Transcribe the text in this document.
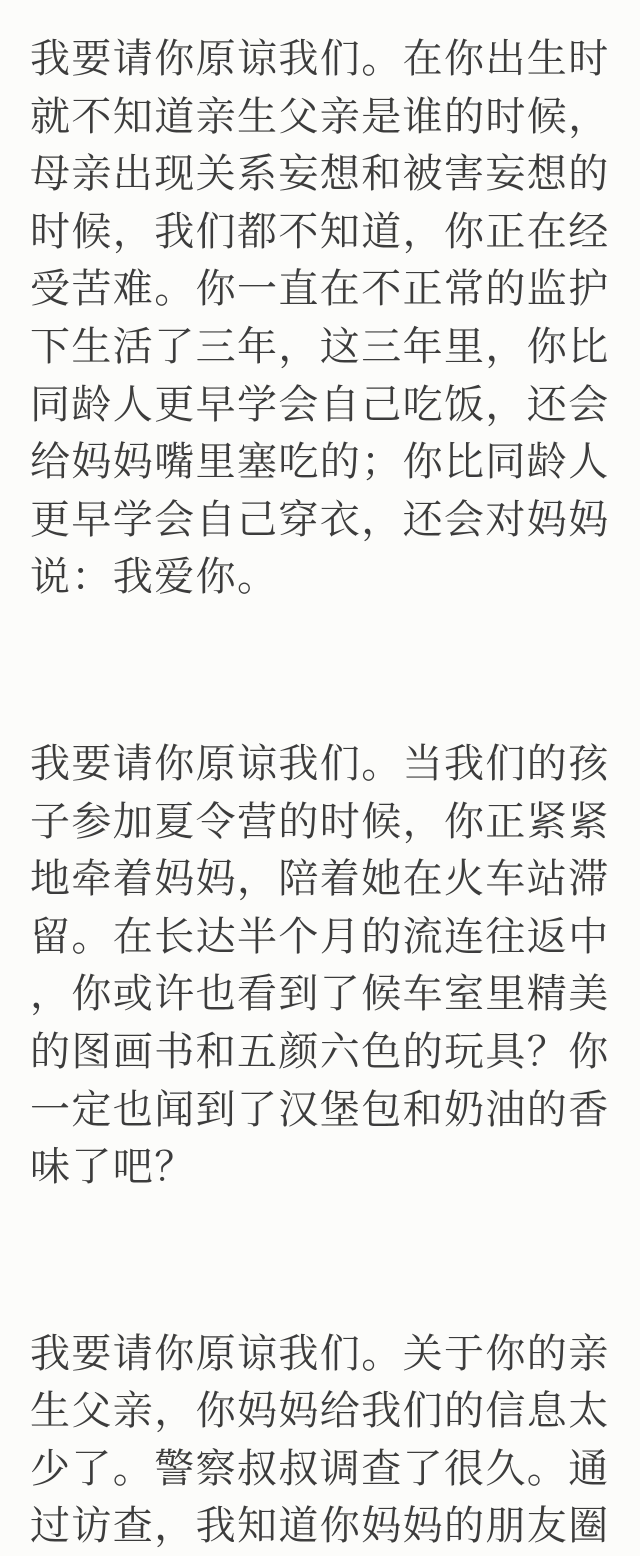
我要请你原谅我们。在你出生时
就不知道亲生父亲是谁的时候，
母亲出现关系妄想和被害妄想的
时候，我们都不知道，你正在经
受苦难。你一直在不正常的监护
下生活了三年，这三年里，你比
同龄人更早学会自己吃饭，还会
给妈妈嘴里塞吃的；你比同龄人
更早学会自己穿衣，还会对妈妈
说：我爱你。
我要请你原谅我们。当我们的孩
子参加夏令营的时候，你正紧紧
地牵着妈妈，陪着她在火车站滞
留。在长达半个月的流连往返中
，你或许也看到了候车室里精美
的图画书和五颜六色的玩具？你
一定也闻到了汉堡包和奶油的香
味了吧？
我要请你原谅我们。关于你的亲
生父亲，你妈妈给我们的信息太
少了。警察叔叔调查了很久。通
过访查，我知道你妈妈的朋友圈
